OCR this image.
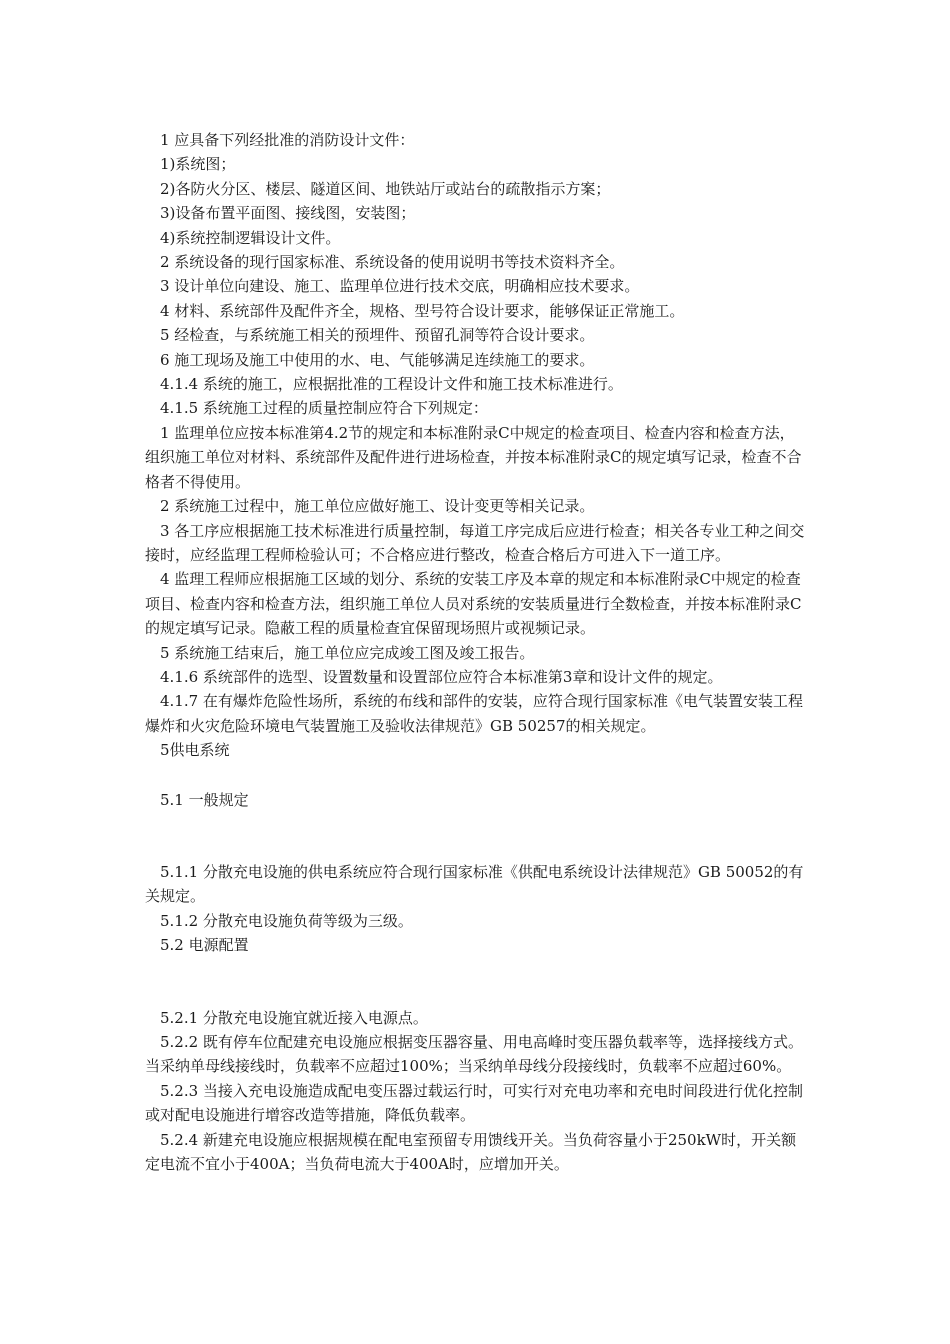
1 应具备下列经批准的消防设计文件：

1)系统图；

2)各防火分区、楼层、隧道区间、地铁站厅或站台的疏散指示方案；

3)设备布置平面图、接线图，安装图；

4)系统控制逻辑设计文件。

2 系统设备的现行国家标准、系统设备的使用说明书等技术资料齐全。

3 设计单位向建设、施工、监理单位进行技术交底，明确相应技术要求。

4 材料、系统部件及配件齐全，规格、型号符合设计要求，能够保证正常施工。

5 经检查，与系统施工相关的预埋件、预留孔洞等符合设计要求。

6 施工现场及施工中使用的水、电、气能够满足连续施工的要求。

4.1.4 系统的施工，应根据批准的工程设计文件和施工技术标准进行。

4.1.5 系统施工过程的质量控制应符合下列规定：

1 监理单位应按本标准第4.2节的规定和本标准附录C中规定的检查项目、检查内容和检查方法，组织施工单位对材料、系统部件及配件进行进场检查，并按本标准附录C的规定填写记录，检查不合格者不得使用。

2 系统施工过程中，施工单位应做好施工、设计变更等相关记录。

3 各工序应根据施工技术标准进行质量控制，每道工序完成后应进行检查；相关各专业工种之间交接时，应经监理工程师检验认可；不合格应进行整改，检查合格后方可进入下一道工序。

4 监理工程师应根据施工区域的划分、系统的安装工序及本章的规定和本标准附录C中规定的检查项目、检查内容和检查方法，组织施工单位人员对系统的安装质量进行全数检查，并按本标准附录C的规定填写记录。隐蔽工程的质量检查宜保留现场照片或视频记录。

5 系统施工结束后，施工单位应完成竣工图及竣工报告。

4.1.6 系统部件的选型、设置数量和设置部位应符合本标准第3章和设计文件的规定。

4.1.7 在有爆炸危险性场所，系统的布线和部件的安装，应符合现行国家标准《电气装置安装工程 爆炸和火灾危险环境电气装置施工及验收法律规范》GB 50257的相关规定。

5供电系统

5.1 一般规定

5.1.1 分散充电设施的供电系统应符合现行国家标准《供配电系统设计法律规范》GB 50052的有关规定。

5.1.2 分散充电设施负荷等级为三级。

5.2 电源配置

5.2.1 分散充电设施宜就近接入电源点。

5.2.2 既有停车位配建充电设施应根据变压器容量、用电高峰时变压器负载率等，选择接线方式。当采纳单母线接线时，负载率不应超过100%；当采纳单母线分段接线时，负载率不应超过60%。

5.2.3 当接入充电设施造成配电变压器过载运行时，可实行对充电功率和充电时间段进行优化控制或对配电设施进行增容改造等措施，降低负载率。

5.2.4 新建充电设施应根据规模在配电室预留专用馈线开关。当负荷容量小于250kW时，开关额定电流不宜小于400A；当负荷电流大于400A时，应增加开关。
